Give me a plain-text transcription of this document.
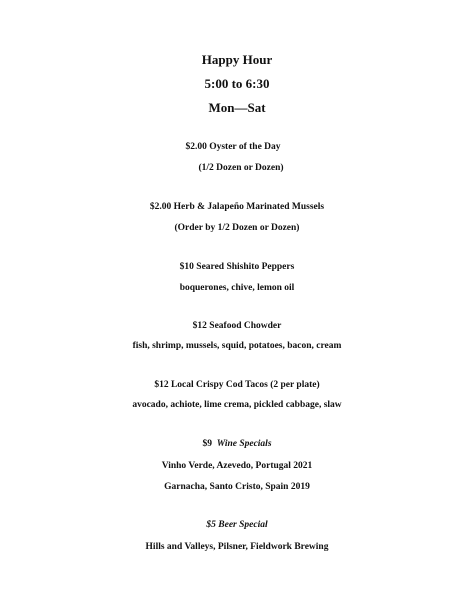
Happy Hour
5:00 to 6:30
Mon—Sat
$2.00 Oyster of the Day
(1/2 Dozen or Dozen)
$2.00 Herb & Jalapeño Marinated Mussels
(Order by 1/2 Dozen or Dozen)
$10 Seared Shishito Peppers
boquerones, chive, lemon oil
$12 Seafood Chowder
fish, shrimp, mussels, squid, potatoes, bacon, cream
$12 Local Crispy Cod Tacos (2 per plate)
avocado, achiote, lime crema, pickled cabbage, slaw
$9 Wine Specials
Vinho Verde, Azevedo, Portugal 2021
Garnacha, Santo Cristo, Spain 2019
$5 Beer Special
Hills and Valleys, Pilsner, Fieldwork Brewing
